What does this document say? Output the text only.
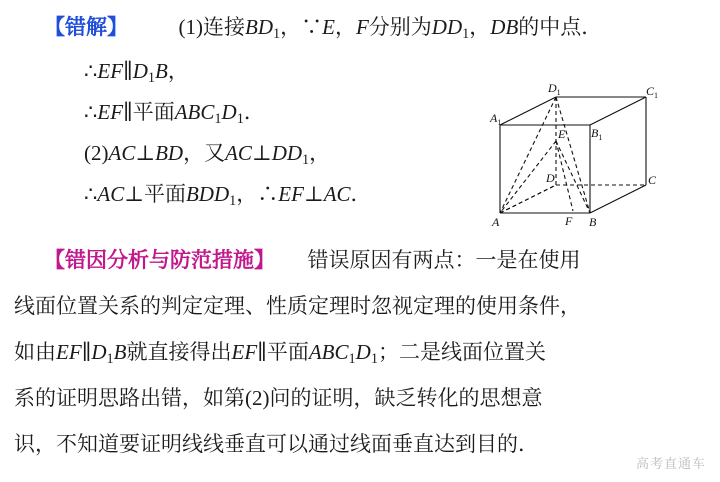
【错解】 (1)连接$BD_1$，∵E，F分别为$DD_1$，DB的中点．
$\therefore EF\parallel D_1B$，
∴EF∥平面$ABC_1D_1$．
(2)AC⊥BD，又$AC\perp DD_1$，
∴AC⊥平面$BDD_1$，∴EF⊥AC．
【错因分析与防范措施】 错误原因有两点：一是在使用
线面位置关系的判定定理、性质定理时忽视定理的使用条件，
如由$EF\parallel D_1B$就直接得出EF∥平面$ABC_1D_1$；二是线面位置关
系的证明思路出错，如第(2)问的证明，缺乏转化的思想意
识，不知道要证明线线垂直可以通过线面垂直达到目的．
$A_1$
$B_1$
$C_1$
$D_1$
A	B
C
D
E
F
高考直通车
